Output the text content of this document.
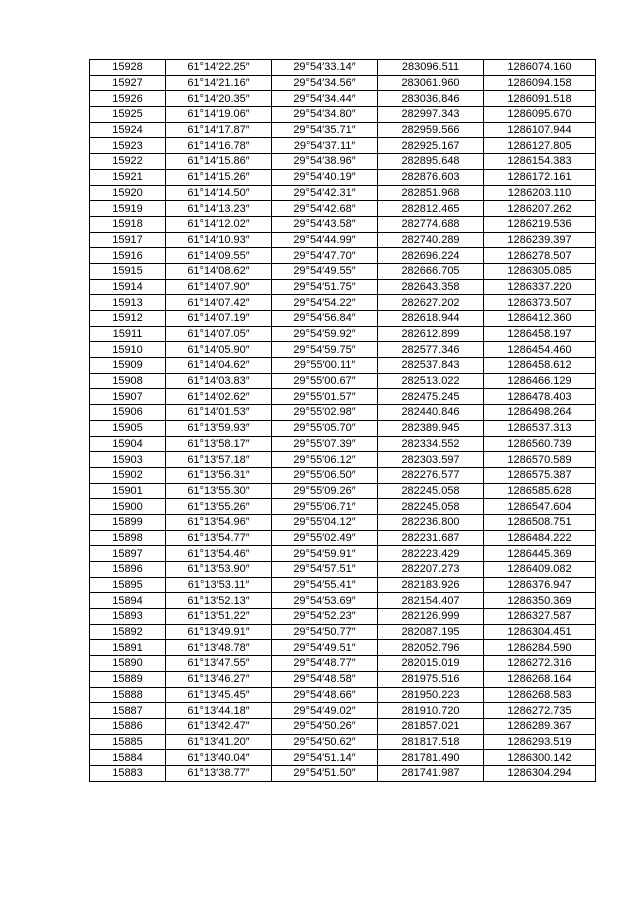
15928	61°14′22.25″	29°54′33.14″	283096.511	1286074.160
15927	61°14′21.16″	29°54′34.56″	283061.960	1286094.158
15926	61°14′20.35″	29°54′34.44″	283036.846	1286091.518
15925	61°14′19.06″	29°54′34.80″	282997.343	1286095.670
15924	61°14′17.87″	29°54′35.71″	282959.566	1286107.944
15923	61°14′16.78″	29°54′37.11″	282925.167	1286127.805
15922	61°14′15.86″	29°54′38.96″	282895.648	1286154.383
15921	61°14′15.26″	29°54′40.19″	282876.603	1286172.161
15920	61°14′14.50″	29°54′42.31″	282851.968	1286203.110
15919	61°14′13.23″	29°54′42.68″	282812.465	1286207.262
15918	61°14′12.02″	29°54′43.58″	282774.688	1286219.536
15917	61°14′10.93″	29°54′44.99″	282740.289	1286239.397
15916	61°14′09.55″	29°54′47.70″	282696.224	1286278.507
15915	61°14′08.62″	29°54′49.55″	282666.705	1286305.085
15914	61°14′07.90″	29°54′51.75″	282643.358	1286337.220
15913	61°14′07.42″	29°54′54.22″	282627.202	1286373.507
15912	61°14′07.19″	29°54′56.84″	282618.944	1286412.360
15911	61°14′07.05″	29°54′59.92″	282612.899	1286458.197
15910	61°14′05.90″	29°54′59.75″	282577.346	1286454.460
15909	61°14′04.62″	29°55′00.11″	282537.843	1286458.612
15908	61°14′03.83″	29°55′00.67″	282513.022	1286466.129
15907	61°14′02.62″	29°55′01.57″	282475.245	1286478.403
15906	61°14′01.53″	29°55′02.98″	282440.846	1286498.264
15905	61°13′59.93″	29°55′05.70″	282389.945	1286537.313
15904	61°13′58.17″	29°55′07.39″	282334.552	1286560.739
15903	61°13′57.18″	29°55′06.12″	282303.597	1286570.589
15902	61°13′56.31″	29°55′06.50″	282276.577	1286575.387
15901	61°13′55.30″	29°55′09.26″	282245.058	1286585.628
15900	61°13′55.26″	29°55′06.71″	282245.058	1286547.604
15899	61°13′54.96″	29°55′04.12″	282236.800	1286508.751
15898	61°13′54.77″	29°55′02.49″	282231.687	1286484.222
15897	61°13′54.46″	29°54′59.91″	282223.429	1286445.369
15896	61°13′53.90″	29°54′57.51″	282207.273	1286409.082
15895	61°13′53.11″	29°54′55.41″	282183.926	1286376.947
15894	61°13′52.13″	29°54′53.69″	282154.407	1286350.369
15893	61°13′51.22″	29°54′52.23″	282126.999	1286327.587
15892	61°13′49.91″	29°54′50.77″	282087.195	1286304.451
15891	61°13′48.78″	29°54′49.51″	282052.796	1286284.590
15890	61°13′47.55″	29°54′48.77″	282015.019	1286272.316
15889	61°13′46.27″	29°54′48.58″	281975.516	1286268.164
15888	61°13′45.45″	29°54′48.66″	281950.223	1286268.583
15887	61°13′44.18″	29°54′49.02″	281910.720	1286272.735
15886	61°13′42.47″	29°54′50.26″	281857.021	1286289.367
15885	61°13′41.20″	29°54′50.62″	281817.518	1286293.519
15884	61°13′40.04″	29°54′51.14″	281781.490	1286300.142
15883	61°13′38.77″	29°54′51.50″	281741.987	1286304.294
